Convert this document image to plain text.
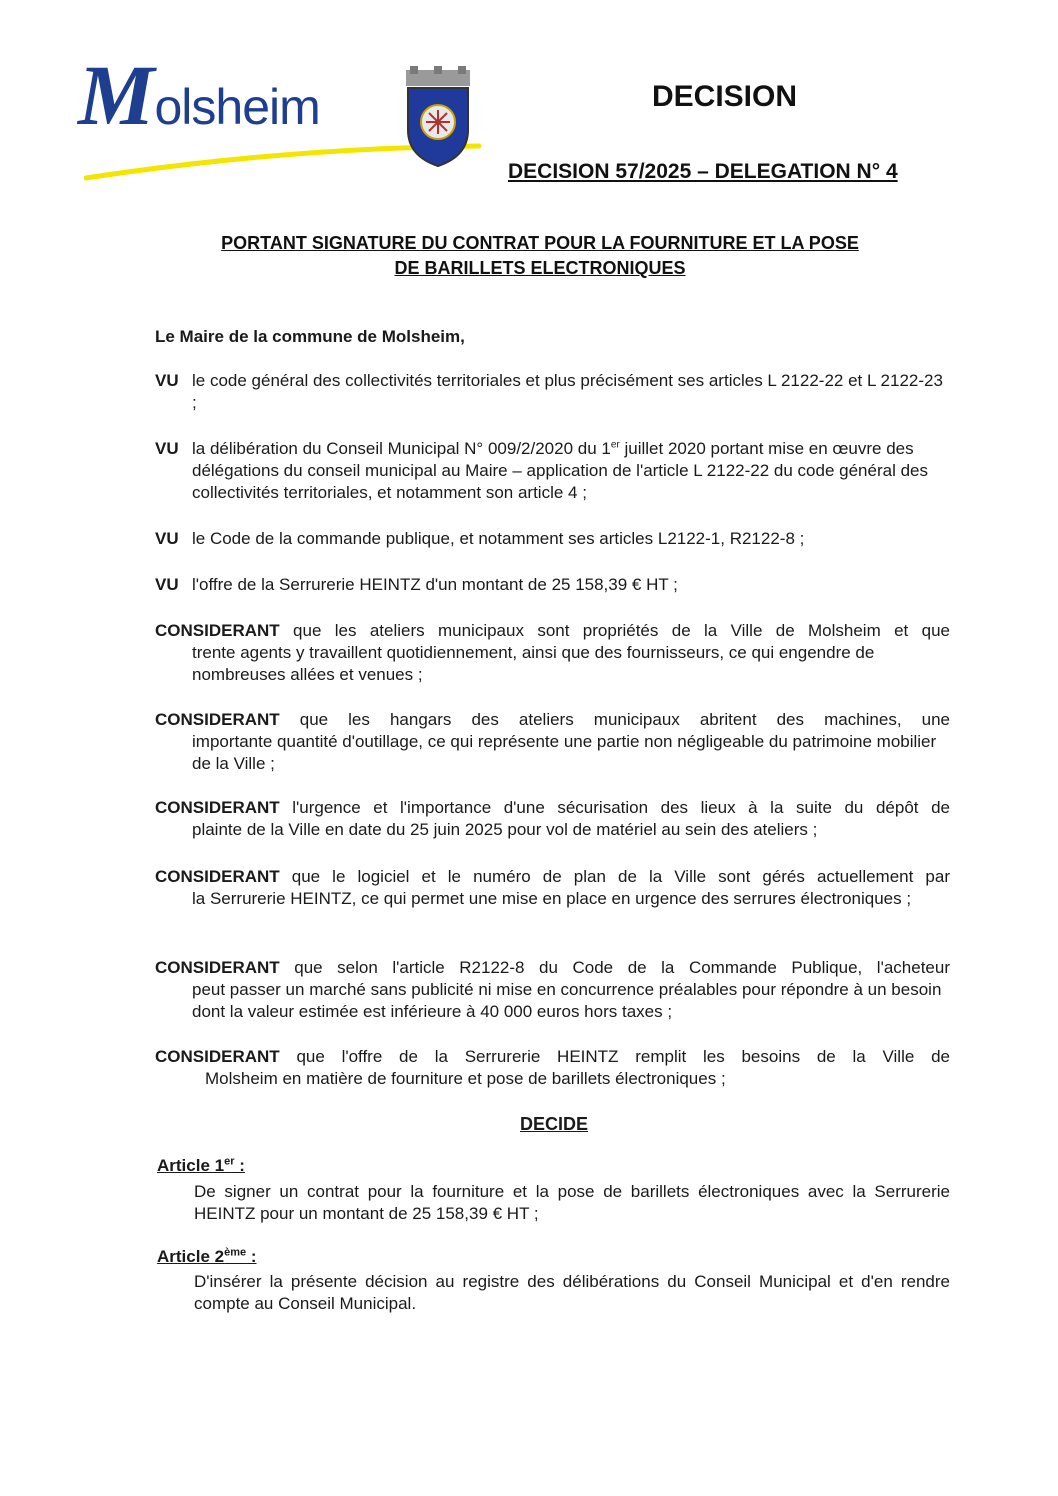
Molsheim	DECISION
DECISION 57/2025 – DELEGATION N° 4
PORTANT SIGNATURE DU CONTRAT POUR LA FOURNITURE ET LA POSE
DE BARILLETS ELECTRONIQUES
Le Maire de la commune de Molsheim,
VU le code général des collectivités territoriales et plus précisément ses articles L 2122-22 et L 2122-23 ;
VU la délibération du Conseil Municipal N° 009/2/2020 du 1er juillet 2020 portant mise en œuvre des délégations du conseil municipal au Maire – application de l'article L 2122-22 du code général des collectivités territoriales, et notamment son article 4 ;
VU le Code de la commande publique, et notamment ses articles L2122-1, R2122-8 ;
VU l'offre de la Serrurerie HEINTZ d'un montant de 25 158,39 € HT ;
CONSIDERANT que les ateliers municipaux sont propriétés de la Ville de Molsheim et que
trente agents y travaillent quotidiennement, ainsi que des fournisseurs, ce qui engendre de nombreuses allées et venues ;
CONSIDERANT que les hangars des ateliers municipaux abritent des machines, une
importante quantité d'outillage, ce qui représente une partie non négligeable du patrimoine mobilier de la Ville ;
CONSIDERANT l'urgence et l'importance d'une sécurisation des lieux à la suite du dépôt de
plainte de la Ville en date du 25 juin 2025 pour vol de matériel au sein des ateliers ;
CONSIDERANT que le logiciel et le numéro de plan de la Ville sont gérés actuellement par
la Serrurerie HEINTZ, ce qui permet une mise en place en urgence des serrures électroniques ;
CONSIDERANT que selon l'article R2122-8 du Code de la Commande Publique, l'acheteur
peut passer un marché sans publicité ni mise en concurrence préalables pour répondre à un besoin dont la valeur estimée est inférieure à 40 000 euros hors taxes ;
CONSIDERANT que l'offre de la Serrurerie HEINTZ remplit les besoins de la Ville de
Molsheim en matière de fourniture et pose de barillets électroniques ;
DECIDE
Article 1er :
De signer un contrat pour la fourniture et la pose de barillets électroniques avec la Serrurerie HEINTZ pour un montant de 25 158,39 € HT ;
Article 2ème :
D'insérer la présente décision au registre des délibérations du Conseil Municipal et d'en rendre compte au Conseil Municipal.
